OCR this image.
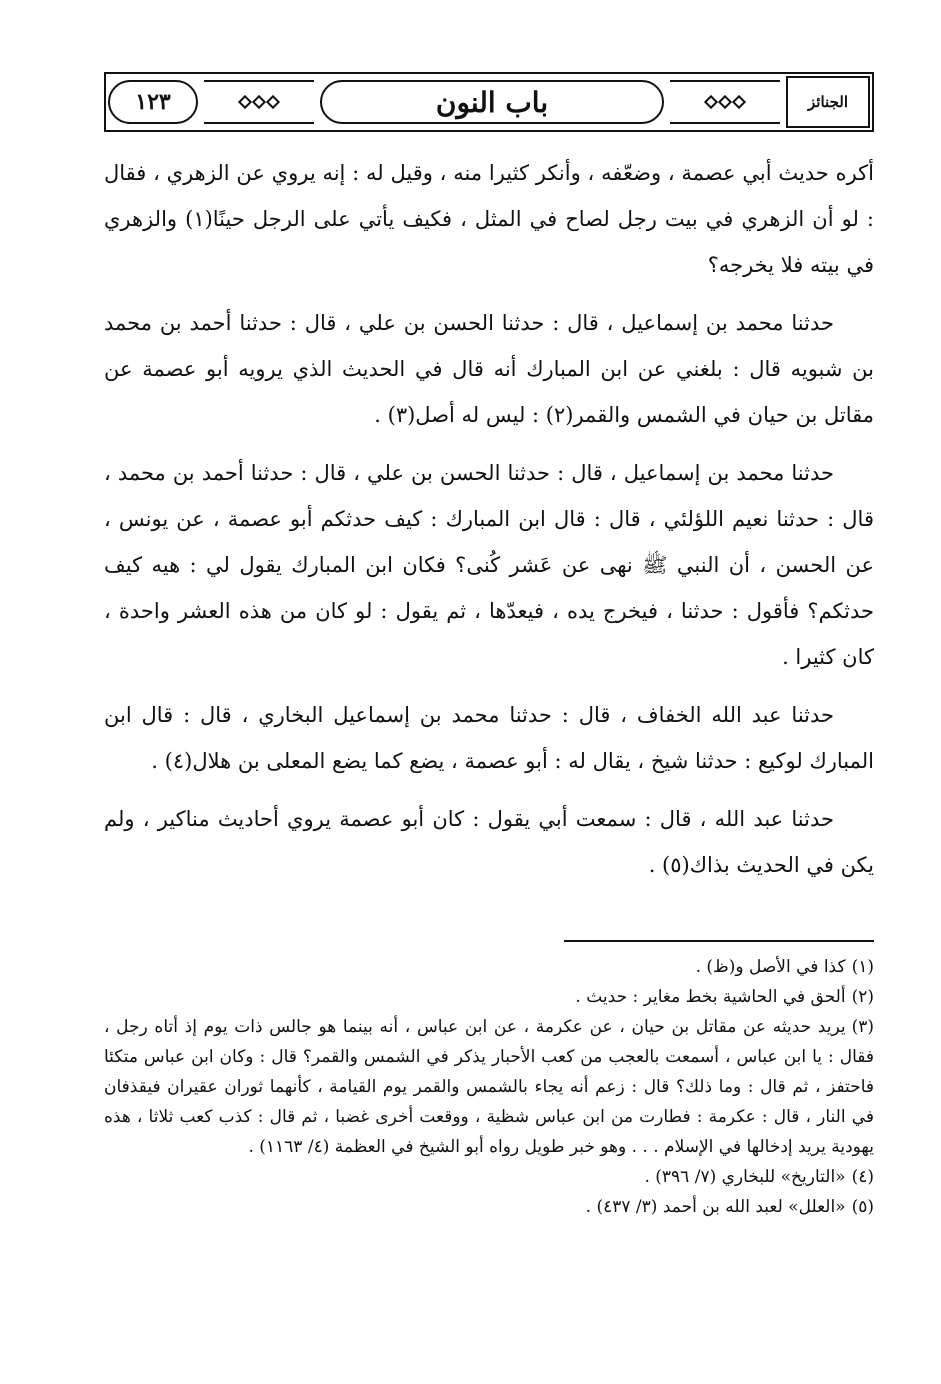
الجنائز
باب النون
١٢٣

أكره حديث أبي عصمة ، وضعّفه ، وأنكر كثيرا منه ، وقيل له : إنه يروي عن الزهري ، فقال : لو أن الزهري في بيت رجل لصاح في المثل ، فكيف يأتي على الرجل حينًا(١) والزهري في بيته فلا يخرجه؟

حدثنا محمد بن إسماعيل ، قال : حدثنا الحسن بن علي ، قال : حدثنا أحمد بن محمد بن شبويه قال : بلغني عن ابن المبارك أنه قال في الحديث الذي يرويه أبو عصمة عن مقاتل بن حيان في الشمس والقمر(٢) : ليس له أصل(٣) .

حدثنا محمد بن إسماعيل ، قال : حدثنا الحسن بن علي ، قال : حدثنا أحمد بن محمد ، قال : حدثنا نعيم اللؤلئي ، قال : قال ابن المبارك : كيف حدثكم أبو عصمة ، عن يونس ، عن الحسن ، أن النبي ﷺ نهى عن عَشر كُنى؟ فكان ابن المبارك يقول لي : هيه كيف حدثكم؟ فأقول : حدثنا ، فيخرج يده ، فيعدّها ، ثم يقول : لو كان من هذه العشر واحدة ، كان كثيرا .

حدثنا عبد الله الخفاف ، قال : حدثنا محمد بن إسماعيل البخاري ، قال : قال ابن المبارك لوكيع : حدثنا شيخ ، يقال له : أبو عصمة ، يضع كما يضع المعلى بن هلال(٤) .

حدثنا عبد الله ، قال : سمعت أبي يقول : كان أبو عصمة يروي أحاديث مناكير ، ولم يكن في الحديث بذاك(٥) .

(١)كذا في الأصل و(ظ) .

(٢)ألحق في الحاشية بخط مغاير : حديث .

(٣)يريد حديثه عن مقاتل بن حيان ، عن عكرمة ، عن ابن عباس ، أنه بينما هو جالس ذات يوم إذ أتاه رجل ، فقال : يا ابن عباس ، أسمعت بالعجب من كعب الأحبار يذكر في الشمس والقمر؟ قال : وكان ابن عباس متكئا فاحتفز ، ثم قال : وما ذلك؟ قال : زعم أنه يجاء بالشمس والقمر يوم القيامة ، كأنهما ثوران عقيران فيقذفان في النار ، قال : عكرمة : فطارت من ابن عباس شظية ، ووقعت أخرى غضبا ، ثم قال : كذب كعب ثلاثا ، هذه يهودية يريد إدخالها في الإسلام . . . وهو خبر طويل رواه أبو الشيخ في العظمة (٤/ ١١٦٣) .

(٤)«التاريخ» للبخاري (٧/ ٣٩٦) .

(٥)«العلل» لعبد الله بن أحمد (٣/ ٤٣٧) .
